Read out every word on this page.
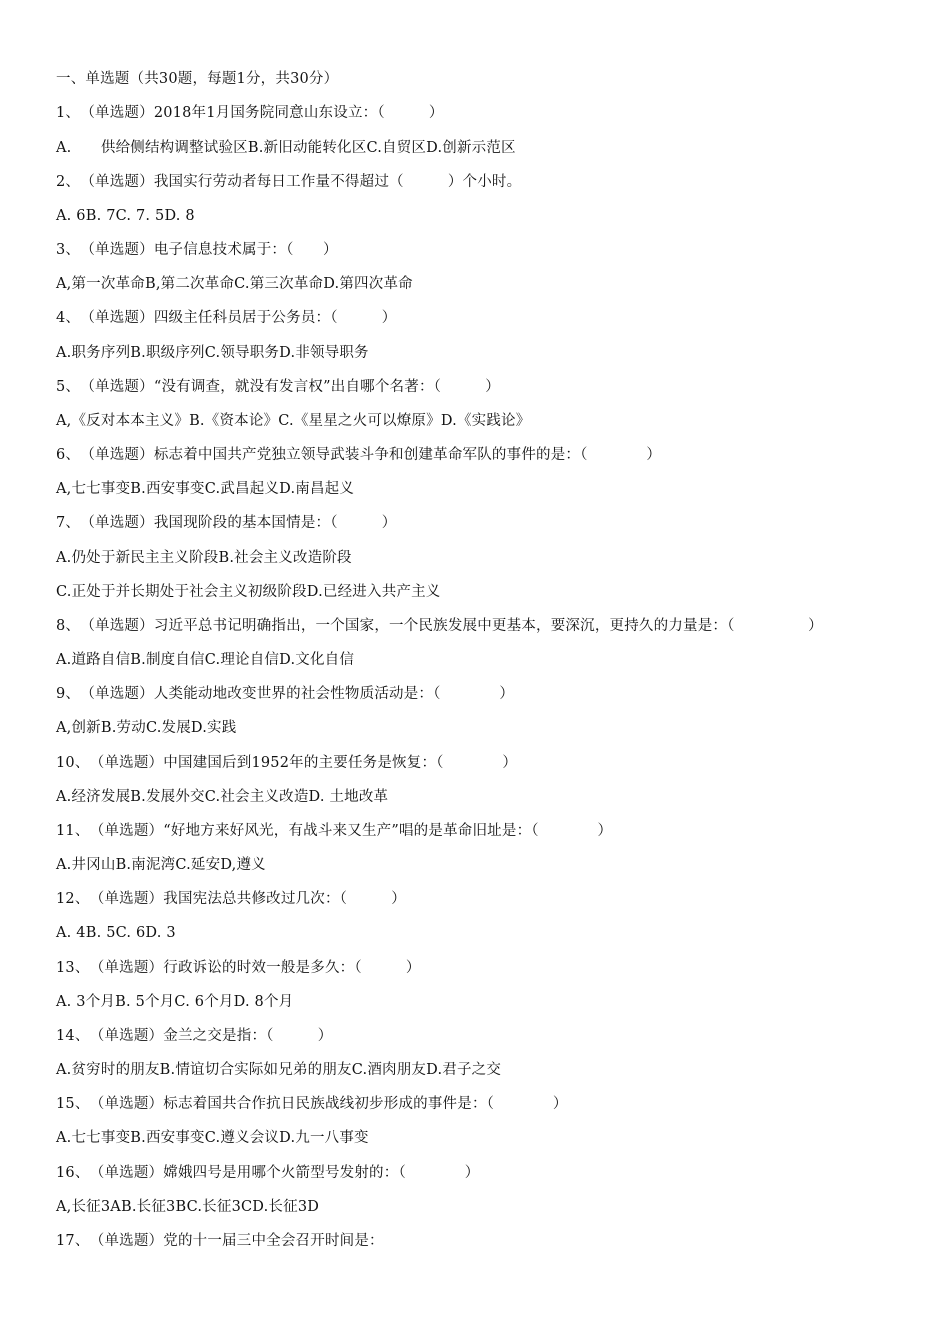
一、单选题（共30题，每题1分，共30分）
1、　（单选题）2018年1月国务院同意山东设立：（　　　）
A.　　供给侧结构调整试验区B.新旧动能转化区C.自贸区D.创新示范区
2、　（单选题）我国实行劳动者每日工作量不得超过（　　　）个小时。
A. 6B. 7C. 7. 5D. 8
3、　（单选题）电子信息技术属于：（　　）
A,第一次革命B,第二次革命C.第三次革命D.第四次革命
4、　（单选题）四级主任科员居于公务员：（　　　）
A.职务序列B.职级序列C.领导职务D.非领导职务
5、　（单选题）“没有调查，就没有发言权”出自哪个名著：（　　　）
A,《反对本本主义》B.《资本论》C.《星星之火可以燎原》D.《实践论》
6、　（单选题）标志着中国共产党独立领导武装斗争和创建革命军队的事件的是：（　　　　）
A,七七事变B.西安事变C.武昌起义D.南昌起义
7、　（单选题）我国现阶段的基本国情是：（　　　）
A.仍处于新民主主义阶段B.社会主义改造阶段
C.正处于并长期处于社会主义初级阶段D.已经进入共产主义
8、　（单选题）习近平总书记明确指出，一个国家，一个民族发展中更基本，要深沉，更持久的力量是：（　　　　　）
A.道路自信B.制度自信C.理论自信D.文化自信
9、　（单选题）人类能动地改变世界的社会性物质活动是：（　　　　）
A,创新B.劳动C.发展D.实践
10、　（单选题）中国建国后到1952年的主要任务是恢复：（　　　　）
A.经济发展B.发展外交C.社会主义改造D. 土地改革
11、　（单选题）“好地方来好风光，有战斗来又生产”唱的是革命旧址是：（　　　　）
A.井冈山B.南泥湾C.延安D,遵义
12、　（单选题）我国宪法总共修改过几次：（　　　）
A. 4B. 5C. 6D. 3
13、　（单选题）行政诉讼的时效一般是多久：（　　　）
A. 3个月B. 5个月C. 6个月D. 8个月
14、　（单选题）金兰之交是指：（　　　）
A.贫穷时的朋友B.情谊切合实际如兄弟的朋友C.酒肉朋友D.君子之交
15、　（单选题）标志着国共合作抗日民族战线初步形成的事件是：（　　　　）
A.七七事变B.西安事变C.遵义会议D.九一八事变
16、　（单选题）嫦娥四号是用哪个火箭型号发射的：（　　　　）
A,长征3AB.长征3BC.长征3CD.长征3D
17、　（单选题）党的十一届三中全会召开时间是：
